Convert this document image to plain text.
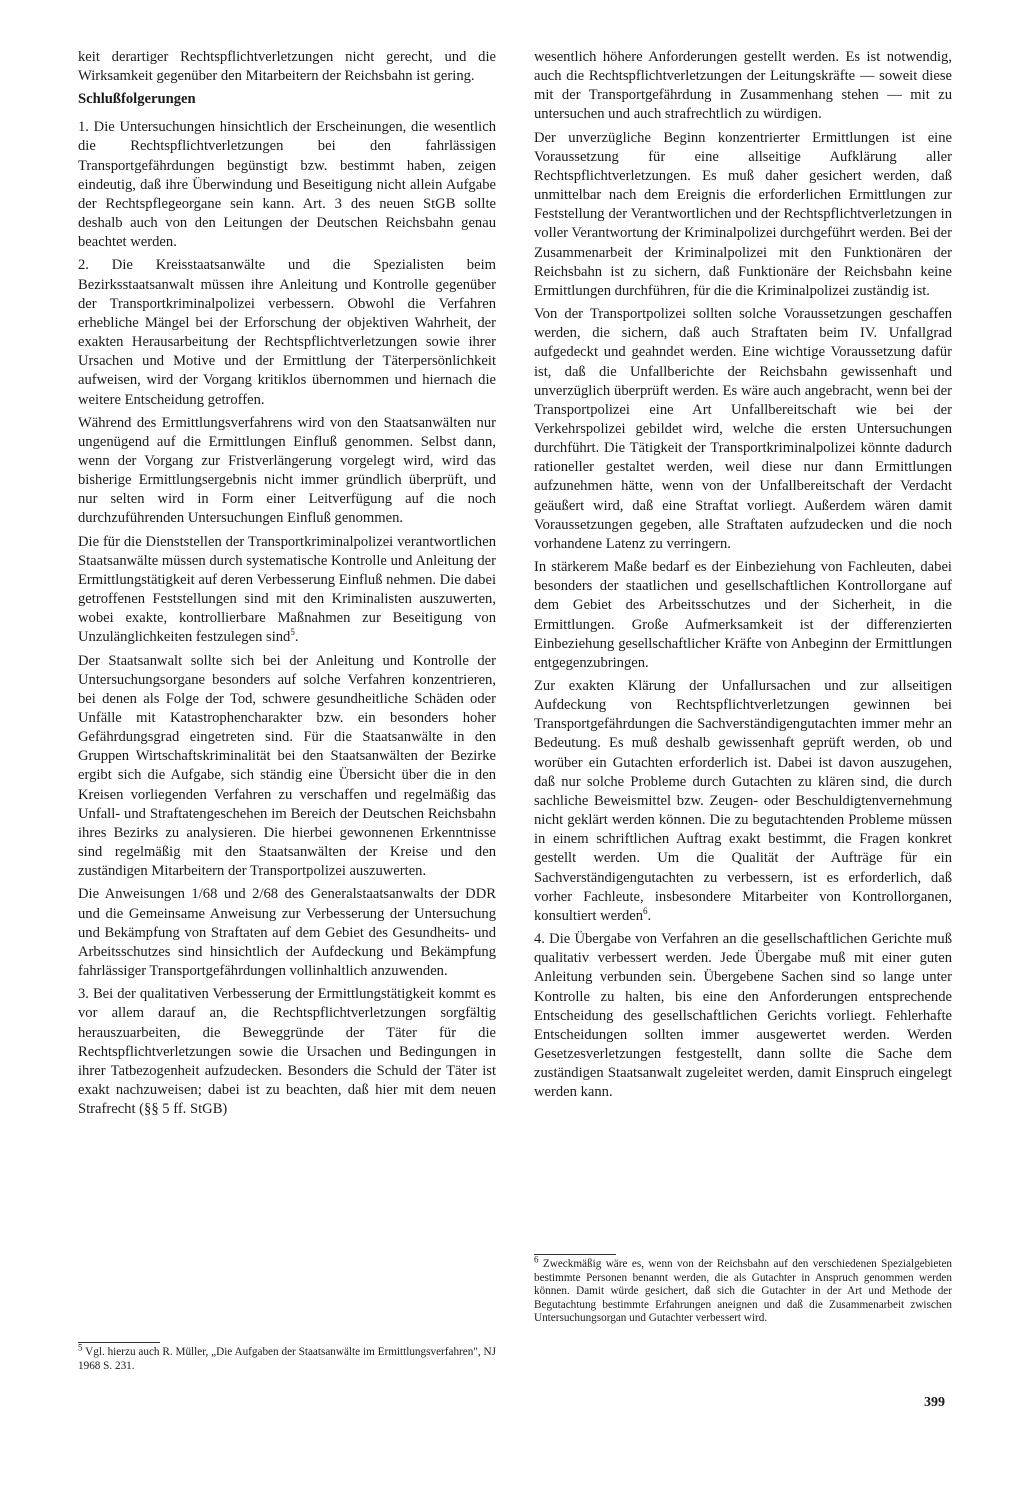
keit derartiger Rechtspflichtverletzungen nicht gerecht, und die Wirksamkeit gegenüber den Mitarbeitern der Reichsbahn ist gering.

Schlußfolgerungen

1. Die Untersuchungen hinsichtlich der Erscheinungen, die wesentlich die Rechtspflichtverletzungen bei den fahrlässigen Transportgefährdungen begünstigt bzw. bestimmt haben, zeigen eindeutig, daß ihre Überwindung und Beseitigung nicht allein Aufgabe der Rechtspflegeorgane sein kann. Art. 3 des neuen StGB sollte deshalb auch von den Leitungen der Deutschen Reichsbahn genau beachtet werden.

2. Die Kreisstaatsanwälte und die Spezialisten beim Bezirksstaatsanwalt müssen ihre Anleitung und Kontrolle gegenüber der Transportkriminalpolizei verbessern. Obwohl die Verfahren erhebliche Mängel bei der Erforschung der objektiven Wahrheit, der exakten Herausarbeitung der Rechtspflichtverletzungen sowie ihrer Ursachen und Motive und der Ermittlung der Täterpersönlichkeit aufweisen, wird der Vorgang kritiklos übernommen und hiernach die weitere Entscheidung getroffen.

Während des Ermittlungsverfahrens wird von den Staatsanwälten nur ungenügend auf die Ermittlungen Einfluß genommen. Selbst dann, wenn der Vorgang zur Fristverlängerung vorgelegt wird, wird das bisherige Ermittlungsergebnis nicht immer gründlich überprüft, und nur selten wird in Form einer Leitverfügung auf die noch durchzuführenden Untersuchungen Einfluß genommen.

Die für die Dienststellen der Transportkriminalpolizei verantwortlichen Staatsanwälte müssen durch systematische Kontrolle und Anleitung der Ermittlungstätigkeit auf deren Verbesserung Einfluß nehmen. Die dabei getroffenen Feststellungen sind mit den Kriminalisten auszuwerten, wobei exakte, kontrollierbare Maßnahmen zur Beseitigung von Unzulänglichkeiten festzulegen sind$^5$.

Der Staatsanwalt sollte sich bei der Anleitung und Kontrolle der Untersuchungsorgane besonders auf solche Verfahren konzentrieren, bei denen als Folge der Tod, schwere gesundheitliche Schäden oder Unfälle mit Katastrophencharakter bzw. ein besonders hoher Gefährdungsgrad eingetreten sind. Für die Staatsanwälte in den Gruppen Wirtschaftskriminalität bei den Staatsanwälten der Bezirke ergibt sich die Aufgabe, sich ständig eine Übersicht über die in den Kreisen vorliegenden Verfahren zu verschaffen und regelmäßig das Unfall- und Straftatengeschehen im Bereich der Deutschen Reichsbahn ihres Bezirks zu analysieren. Die hierbei gewonnenen Erkenntnisse sind regelmäßig mit den Staatsanwälten der Kreise und den zuständigen Mitarbeitern der Transportpolizei auszuwerten.

Die Anweisungen 1/68 und 2/68 des Generalstaatsanwalts der DDR und die Gemeinsame Anweisung zur Verbesserung der Untersuchung und Bekämpfung von Straftaten auf dem Gebiet des Gesundheits- und Arbeitsschutzes sind hinsichtlich der Aufdeckung und Bekämpfung fahrlässiger Transportgefährdungen vollinhaltlich anzuwenden.

3. Bei der qualitativen Verbesserung der Ermittlungstätigkeit kommt es vor allem darauf an, die Rechtspflichtverletzungen sorgfältig herauszuarbeiten, die Beweggründe der Täter für die Rechtspflichtverletzungen sowie die Ursachen und Bedingungen in ihrer Tatbezogenheit aufzudecken. Besonders die Schuld der Täter ist exakt nachzuweisen; dabei ist zu beachten, daß hier mit dem neuen Strafrecht (§§ 5 ff. StGB)

wesentlich höhere Anforderungen gestellt werden. Es ist notwendig, auch die Rechtspflichtverletzungen der Leitungskräfte — soweit diese mit der Transportgefährdung in Zusammenhang stehen — mit zu untersuchen und auch strafrechtlich zu würdigen.

Der unverzügliche Beginn konzentrierter Ermittlungen ist eine Voraussetzung für eine allseitige Aufklärung aller Rechtspflichtverletzungen. Es muß daher gesichert werden, daß unmittelbar nach dem Ereignis die erforderlichen Ermittlungen zur Feststellung der Verantwortlichen und der Rechtspflichtverletzungen in voller Verantwortung der Kriminalpolizei durchgeführt werden. Bei der Zusammenarbeit der Kriminalpolizei mit den Funktionären der Reichsbahn ist zu sichern, daß Funktionäre der Reichsbahn keine Ermittlungen durchführen, für die die Kriminalpolizei zuständig ist.

Von der Transportpolizei sollten solche Voraussetzungen geschaffen werden, die sichern, daß auch Straftaten beim IV. Unfallgrad aufgedeckt und geahndet werden. Eine wichtige Voraussetzung dafür ist, daß die Unfallberichte der Reichsbahn gewissenhaft und unverzüglich überprüft werden. Es wäre auch angebracht, wenn bei der Transportpolizei eine Art Unfallbereitschaft wie bei der Verkehrspolizei gebildet wird, welche die ersten Untersuchungen durchführt. Die Tätigkeit der Transportkriminalpolizei könnte dadurch rationeller gestaltet werden, weil diese nur dann Ermittlungen aufzunehmen hätte, wenn von der Unfallbereitschaft der Verdacht geäußert wird, daß eine Straftat vorliegt. Außerdem wären damit Voraussetzungen gegeben, alle Straftaten aufzudecken und die noch vorhandene Latenz zu verringern.

In stärkerem Maße bedarf es der Einbeziehung von Fachleuten, dabei besonders der staatlichen und gesellschaftlichen Kontrollorgane auf dem Gebiet des Arbeitsschutzes und der Sicherheit, in die Ermittlungen. Große Aufmerksamkeit ist der differenzierten Einbeziehung gesellschaftlicher Kräfte von Anbeginn der Ermittlungen entgegenzubringen.

Zur exakten Klärung der Unfallursachen und zur allseitigen Aufdeckung von Rechtspflichtverletzungen gewinnen bei Transportgefährdungen die Sachverständigengutachten immer mehr an Bedeutung. Es muß deshalb gewissenhaft geprüft werden, ob und worüber ein Gutachten erforderlich ist. Dabei ist davon auszugehen, daß nur solche Probleme durch Gutachten zu klären sind, die durch sachliche Beweismittel bzw. Zeugen- oder Beschuldigtenvernehmung nicht geklärt werden können. Die zu begutachtenden Probleme müssen in einem schriftlichen Auftrag exakt bestimmt, die Fragen konkret gestellt werden. Um die Qualität der Aufträge für ein Sachverständigengutachten zu verbessern, ist es erforderlich, daß vorher Fachleute, insbesondere Mitarbeiter von Kontrollorganen, konsultiert werden$^6$.

4. Die Übergabe von Verfahren an die gesellschaftlichen Gerichte muß qualitativ verbessert werden. Jede Übergabe muß mit einer guten Anleitung verbunden sein. Übergebene Sachen sind so lange unter Kontrolle zu halten, bis eine den Anforderungen entsprechende Entscheidung des gesellschaftlichen Gerichts vorliegt. Fehlerhafte Entscheidungen sollten immer ausgewertet werden. Werden Gesetzesverletzungen festgestellt, dann sollte die Sache dem zuständigen Staatsanwalt zugeleitet werden, damit Einspruch eingelegt werden kann.

$^5$ Vgl. hierzu auch R. Müller, „Die Aufgaben der Staatsanwälte im Ermittlungsverfahren", NJ 1968 S. 231.

$^6$ Zweckmäßig wäre es, wenn von der Reichsbahn auf den verschiedenen Spezialgebieten bestimmte Personen benannt werden, die als Gutachter in Anspruch genommen werden können. Damit würde gesichert, daß sich die Gutachter in der Art und Methode der Begutachtung bestimmte Erfahrungen aneignen und daß die Zusammenarbeit zwischen Untersuchungsorgan und Gutachter verbessert wird.

399
